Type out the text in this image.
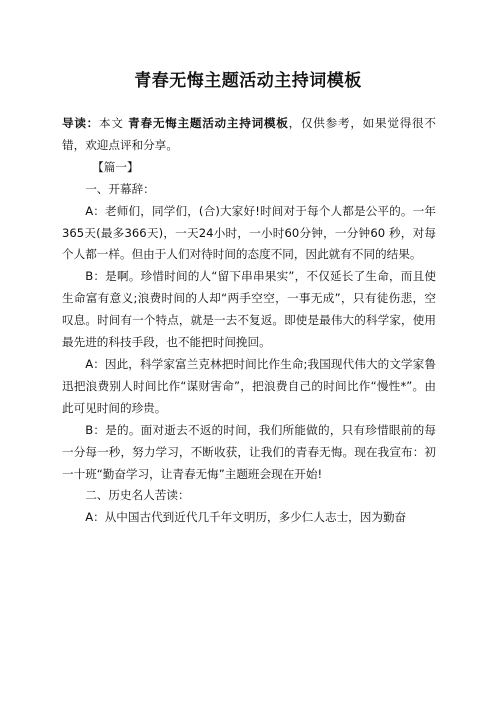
青春无悔主题活动主持词模板

导读：本文 青春无悔主题活动主持词模板，仅供参考，如果觉得很不错，欢迎点评和分享。

【篇一】

一、开幕辞：

A：老师们，同学们，(合)大家好!时间对于每个人都是公平的。一年365天(最多366天)，一天24小时，一小时60分钟，一分钟60 秒，对每个人都一样。但由于人们对待时间的态度不同，因此就有不同的结果。

B：是啊。珍惜时间的人“留下串串果实”，不仅延长了生命，而且使生命富有意义;浪费时间的人却“两手空空，一事无成”，只有徒伤悲，空叹息。时间有一个特点，就是一去不复返。即使是最伟大的科学家，使用最先进的科技手段，也不能把时间挽回。

A：因此，科学家富兰克林把时间比作生命;我国现代伟大的文学家鲁迅把浪费别人时间比作“谋财害命”，把浪费自己的时间比作“慢性*”。由此可见时间的珍贵。

B：是的。面对逝去不返的时间，我们所能做的，只有珍惜眼前的每一分每一秒，努力学习，不断收获，让我们的青春无悔。现在我宣布：初一十班“勤奋学习，让青春无悔”主题班会现在开始!

二、历史名人苦读：

A：从中国古代到近代几千年文明历，多少仁人志士，因为勤奋
